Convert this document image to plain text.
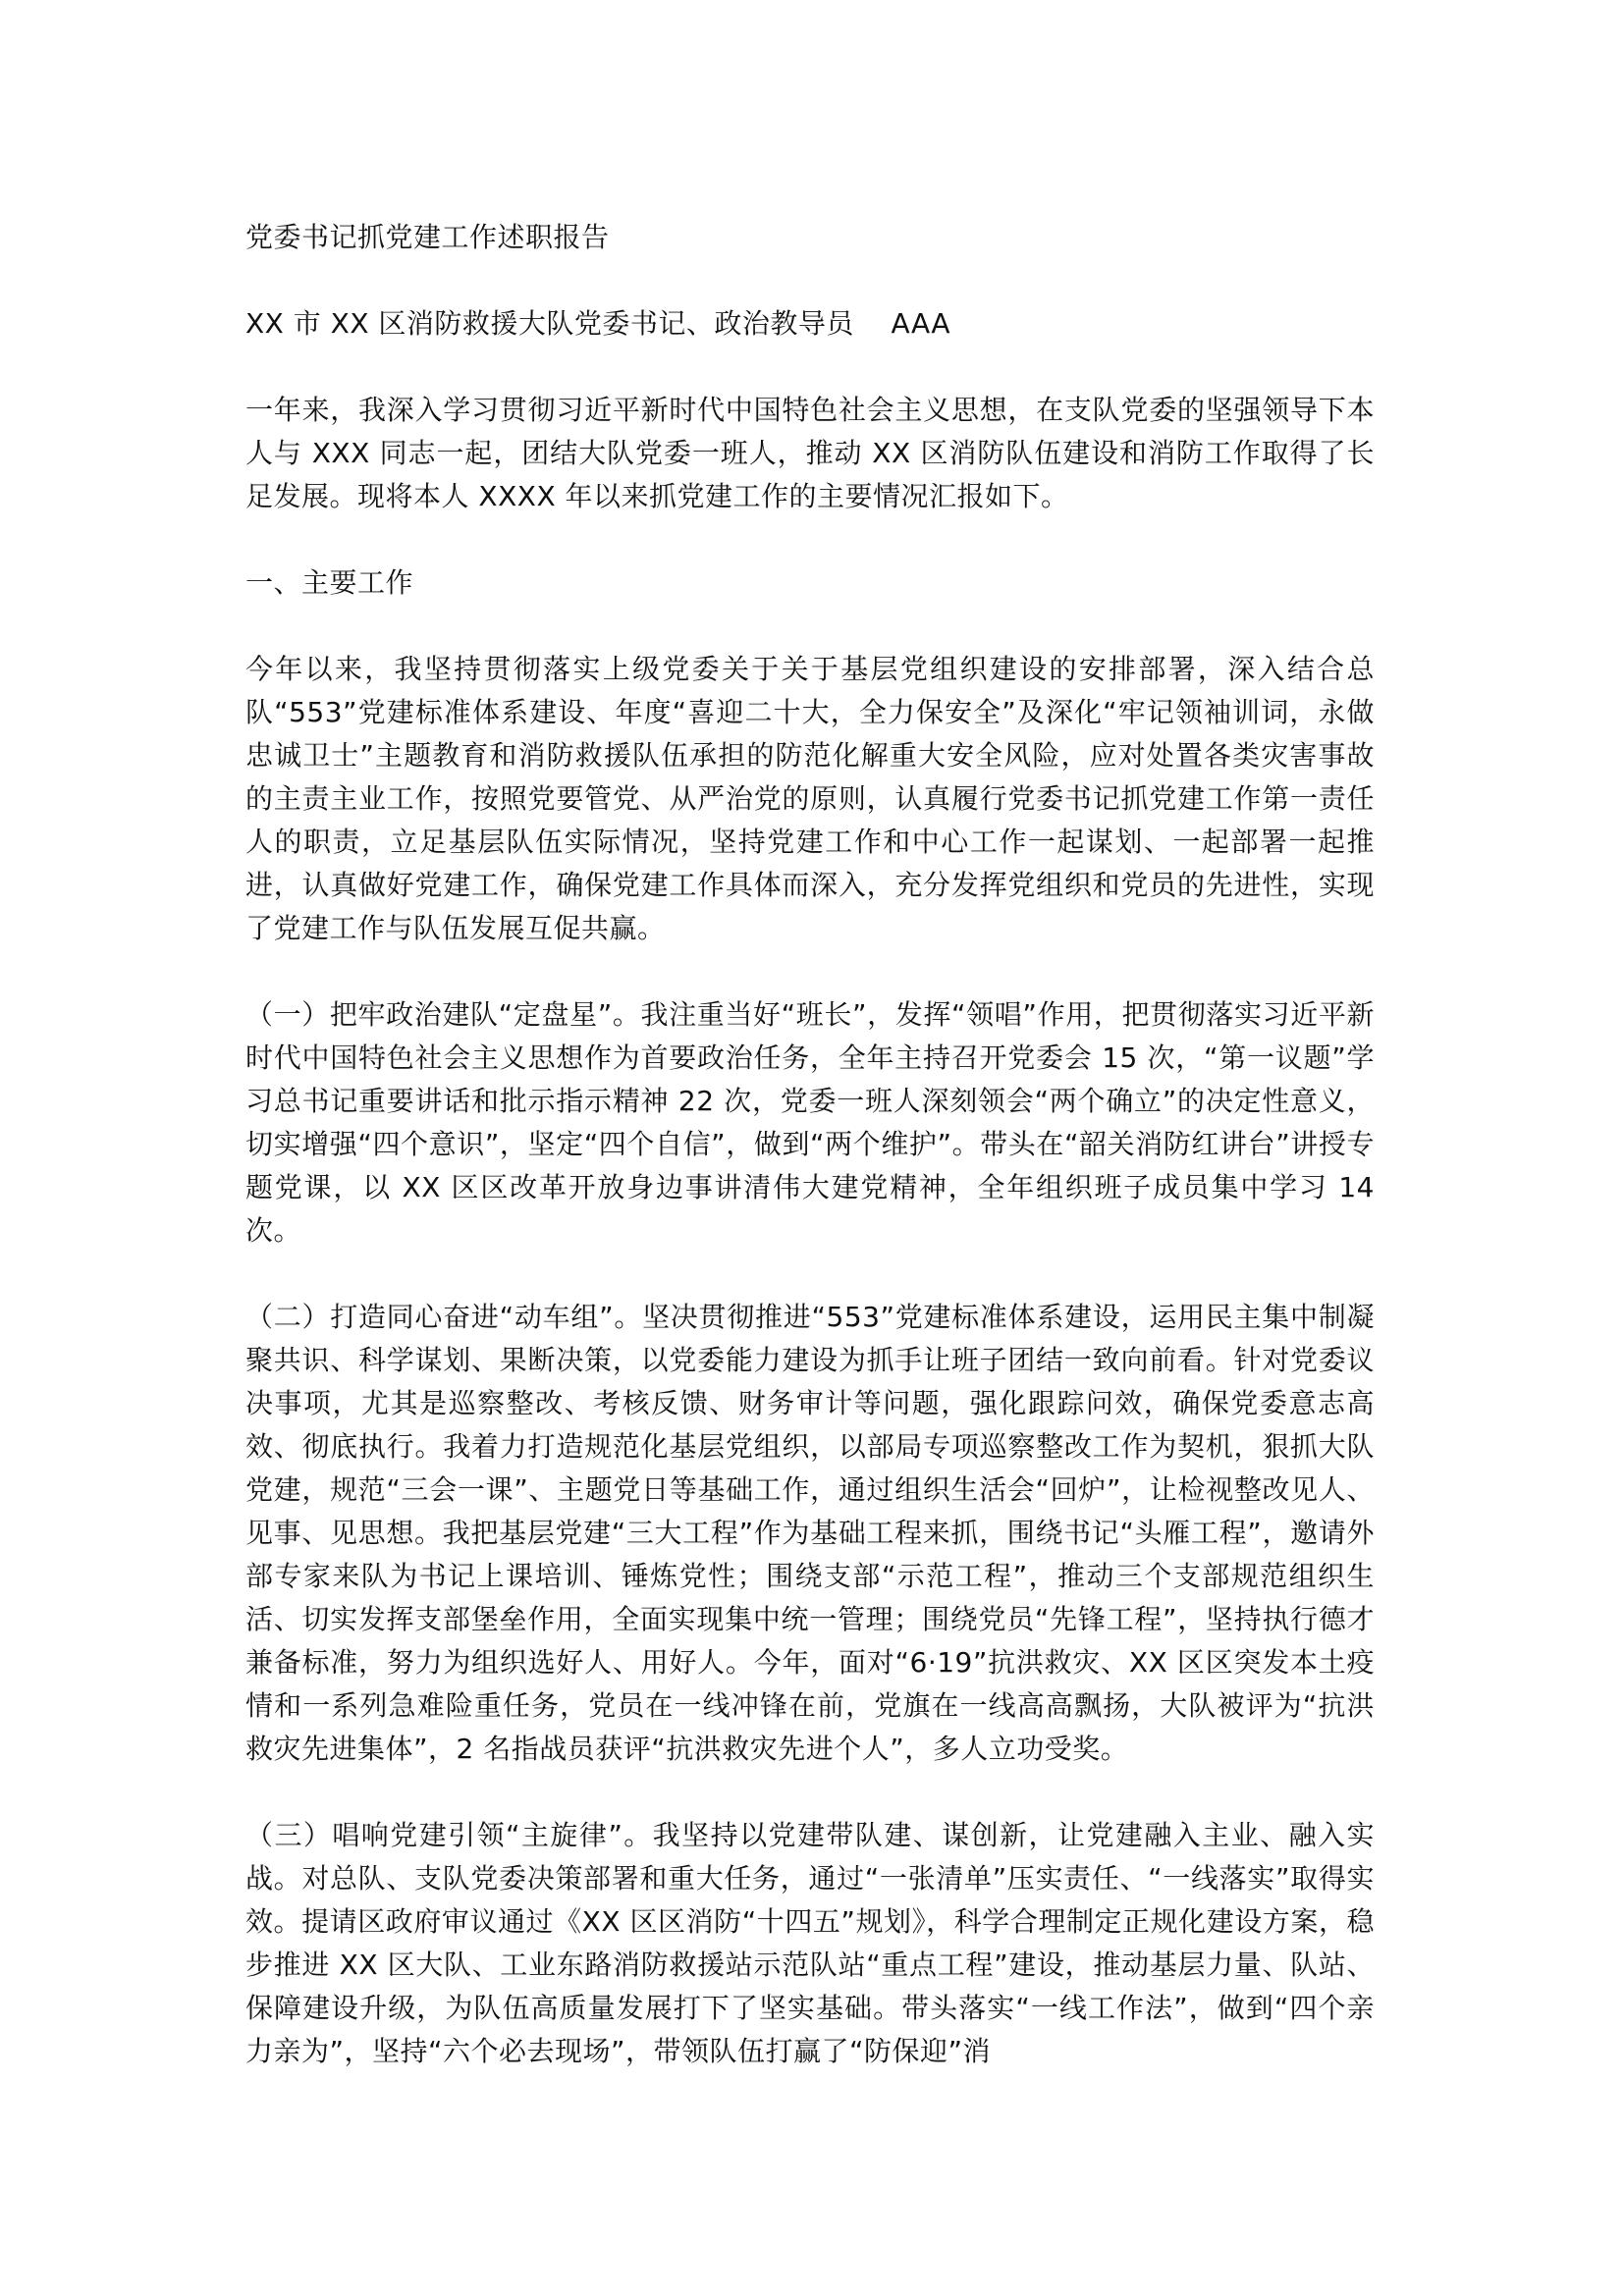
党委书记抓党建工作述职报告

XX 市 XX 区消防救援大队党委书记、政治教导员    AAA

一年来，我深入学习贯彻习近平新时代中国特色社会主义思想，在支队党委的坚强领导下本人与 XXX 同志一起，团结大队党委一班人，推动 XX 区消防队伍建设和消防工作取得了长足发展。现将本人 XXXX 年以来抓党建工作的主要情况汇报如下。

一、主要工作

今年以来，我坚持贯彻落实上级党委关于关于基层党组织建设的安排部署，深入结合总队“553”党建标准体系建设、年度“喜迎二十大，全力保安全”及深化“牢记领袖训词，永做忠诚卫士”主题教育和消防救援队伍承担的防范化解重大安全风险，应对处置各类灾害事故的主责主业工作，按照党要管党、从严治党的原则，认真履行党委书记抓党建工作第一责任人的职责，立足基层队伍实际情况，坚持党建工作和中心工作一起谋划、一起部署一起推进，认真做好党建工作，确保党建工作具体而深入，充分发挥党组织和党员的先进性，实现了党建工作与队伍发展互促共赢。

（一）把牢政治建队“定盘星”。我注重当好“班长”，发挥“领唱”作用，把贯彻落实习近平新时代中国特色社会主义思想作为首要政治任务，全年主持召开党委会 15 次，“第一议题”学习总书记重要讲话和批示指示精神 22 次，党委一班人深刻领会“两个确立”的决定性意义，切实增强“四个意识”，坚定“四个自信”，做到“两个维护”。带头在“韶关消防红讲台”讲授专题党课，以 XX 区区改革开放身边事讲清伟大建党精神，全年组织班子成员集中学习 14 次。

（二）打造同心奋进“动车组”。坚决贯彻推进“553”党建标准体系建设，运用民主集中制凝聚共识、科学谋划、果断决策，以党委能力建设为抓手让班子团结一致向前看。针对党委议决事项，尤其是巡察整改、考核反馈、财务审计等问题，强化跟踪问效，确保党委意志高效、彻底执行。我着力打造规范化基层党组织，以部局专项巡察整改工作为契机，狠抓大队党建，规范“三会一课”、主题党日等基础工作，通过组织生活会“回炉”，让检视整改见人、见事、见思想。我把基层党建“三大工程”作为基础工程来抓，围绕书记“头雁工程”，邀请外部专家来队为书记上课培训、锤炼党性；围绕支部“示范工程”，推动三个支部规范组织生活、切实发挥支部堡垒作用，全面实现集中统一管理；围绕党员“先锋工程”，坚持执行德才兼备标准，努力为组织选好人、用好人。今年，面对“6·19”抗洪救灾、XX 区区突发本土疫情和一系列急难险重任务，党员在一线冲锋在前，党旗在一线高高飘扬，大队被评为“抗洪救灾先进集体”，2 名指战员获评“抗洪救灾先进个人”，多人立功受奖。

（三）唱响党建引领“主旋律”。我坚持以党建带队建、谋创新，让党建融入主业、融入实战。对总队、支队党委决策部署和重大任务，通过“一张清单”压实责任、“一线落实”取得实效。提请区政府审议通过《XX 区区消防“十四五”规划》，科学合理制定正规化建设方案，稳步推进 XX 区大队、工业东路消防救援站示范队站“重点工程”建设，推动基层力量、队站、保障建设升级，为队伍高质量发展打下了坚实基础。带头落实“一线工作法”，做到“四个亲力亲为”，坚持“六个必去现场”，带领队伍打赢了“防保迎”消
